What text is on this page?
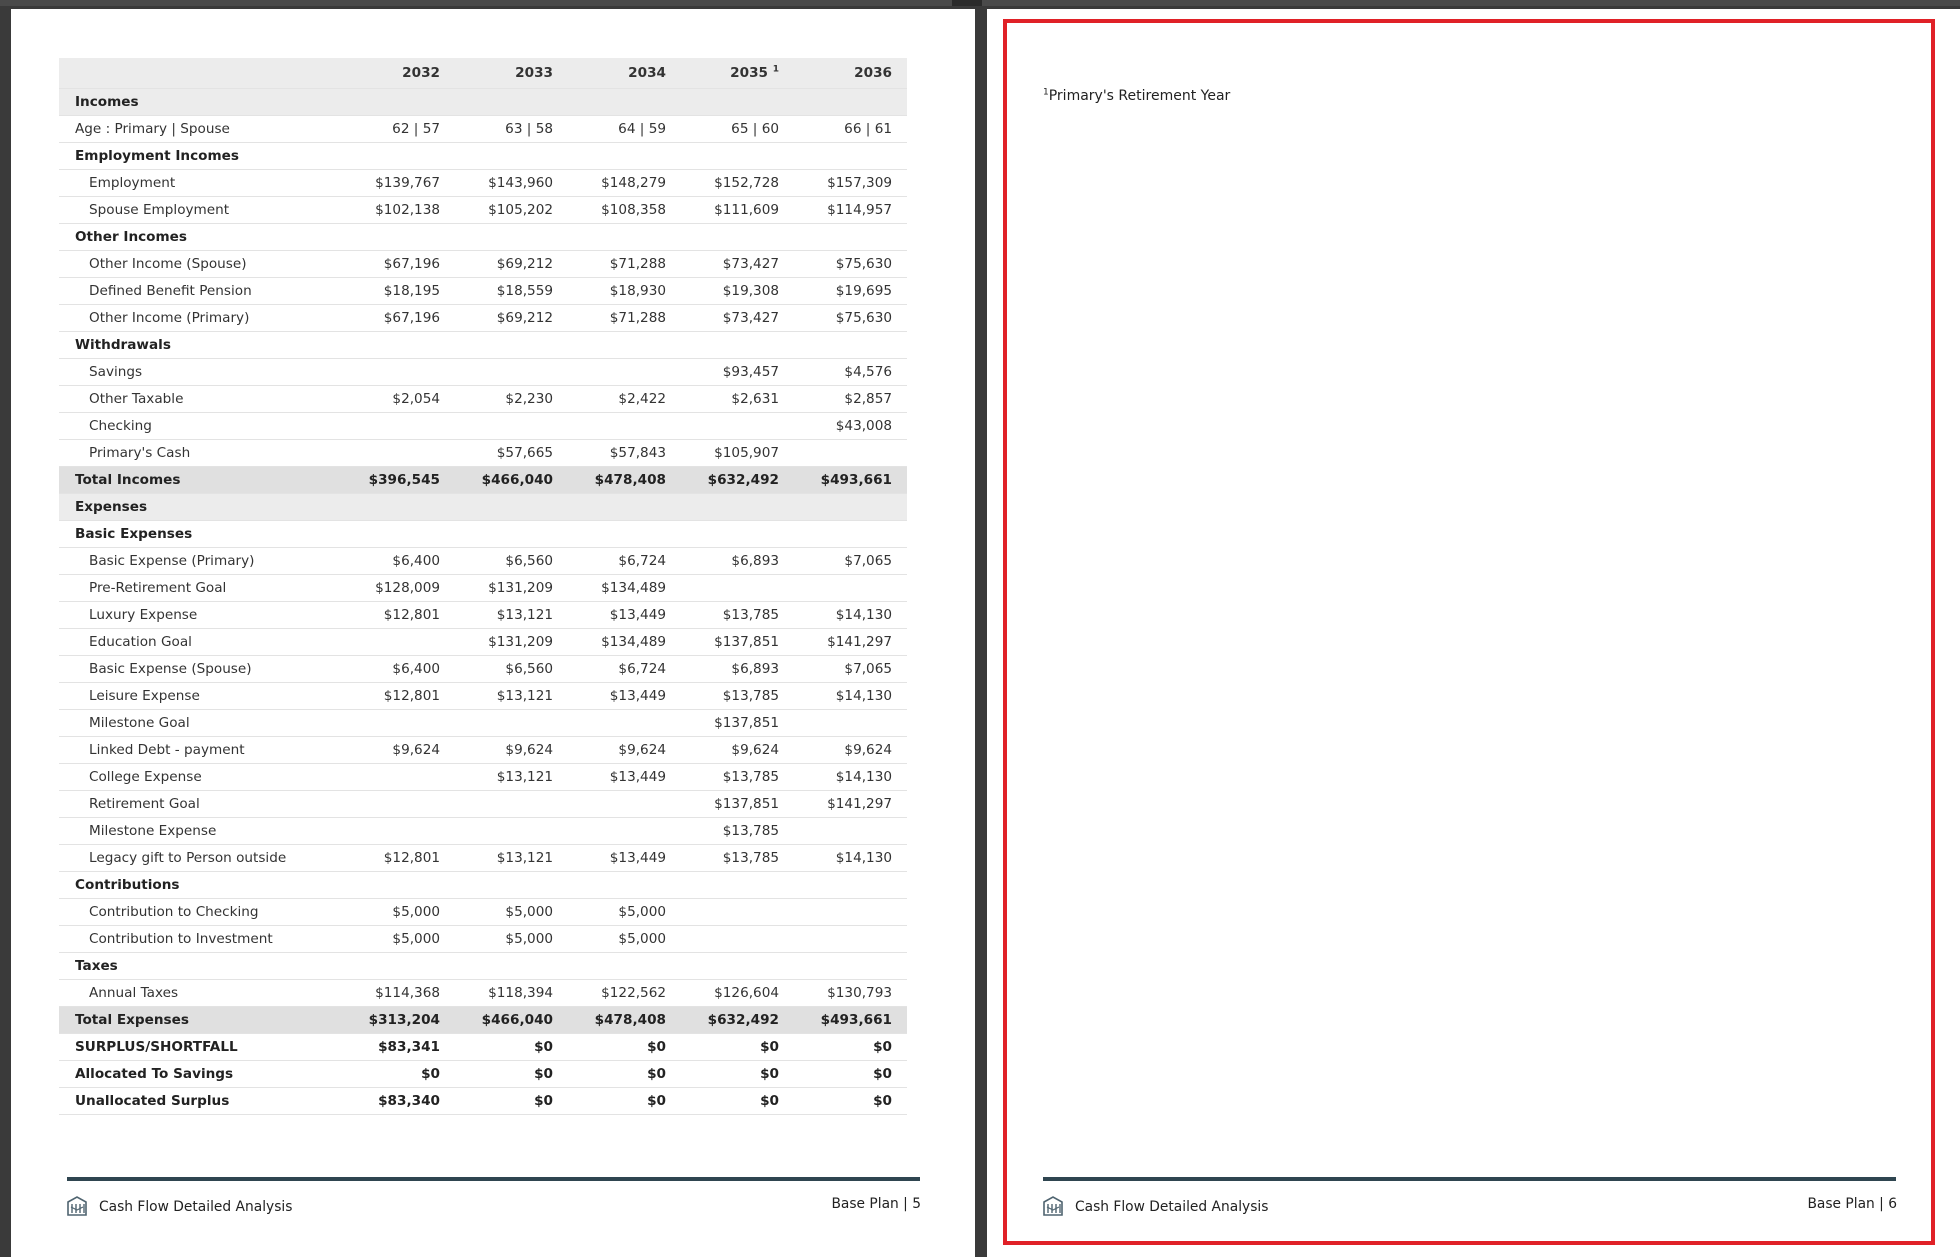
	2032	2033	2034	2035 $^1$	2036
Incomes					
Age : Primary | Spouse	62 | 57	63 | 58	64 | 59	65 | 60	66 | 61
Employment Incomes					
Employment	$139,767	$143,960	$148,279	$152,728	$157,309
Spouse Employment	$102,138	$105,202	$108,358	$111,609	$114,957
Other Incomes					
Other Income (Spouse)	$67,196	$69,212	$71,288	$73,427	$75,630
Defined Benefit Pension	$18,195	$18,559	$18,930	$19,308	$19,695
Other Income (Primary)	$67,196	$69,212	$71,288	$73,427	$75,630
Withdrawals					
Savings				$93,457	$4,576
Other Taxable	$2,054	$2,230	$2,422	$2,631	$2,857
Checking					$43,008
Primary's Cash		$57,665	$57,843	$105,907	
Total Incomes	$396,545	$466,040	$478,408	$632,492	$493,661
Expenses					
Basic Expenses					
Basic Expense (Primary)	$6,400	$6,560	$6,724	$6,893	$7,065
Pre-Retirement Goal	$128,009	$131,209	$134,489		
Luxury Expense	$12,801	$13,121	$13,449	$13,785	$14,130
Education Goal		$131,209	$134,489	$137,851	$141,297
Basic Expense (Spouse)	$6,400	$6,560	$6,724	$6,893	$7,065
Leisure Expense	$12,801	$13,121	$13,449	$13,785	$14,130
Milestone Goal				$137,851	
Linked Debt - payment	$9,624	$9,624	$9,624	$9,624	$9,624
College Expense		$13,121	$13,449	$13,785	$14,130
Retirement Goal				$137,851	$141,297
Milestone Expense				$13,785	
Legacy gift to Person outside	$12,801	$13,121	$13,449	$13,785	$14,130
Contributions					
Contribution to Checking	$5,000	$5,000	$5,000		
Contribution to Investment	$5,000	$5,000	$5,000		
Taxes					
Annual Taxes	$114,368	$118,394	$122,562	$126,604	$130,793
Total Expenses	$313,204	$466,040	$478,408	$632,492	$493,661
SURPLUS/SHORTFALL	$83,341	$0	$0	$0	$0
Allocated To Savings	$0	$0	$0	$0	$0
Unallocated Surplus	$83,340	$0	$0	$0	$0
Cash Flow Detailed Analysis	Base Plan | 5
$^1$Primary's Retirement Year
Cash Flow Detailed Analysis	Base Plan | 6
